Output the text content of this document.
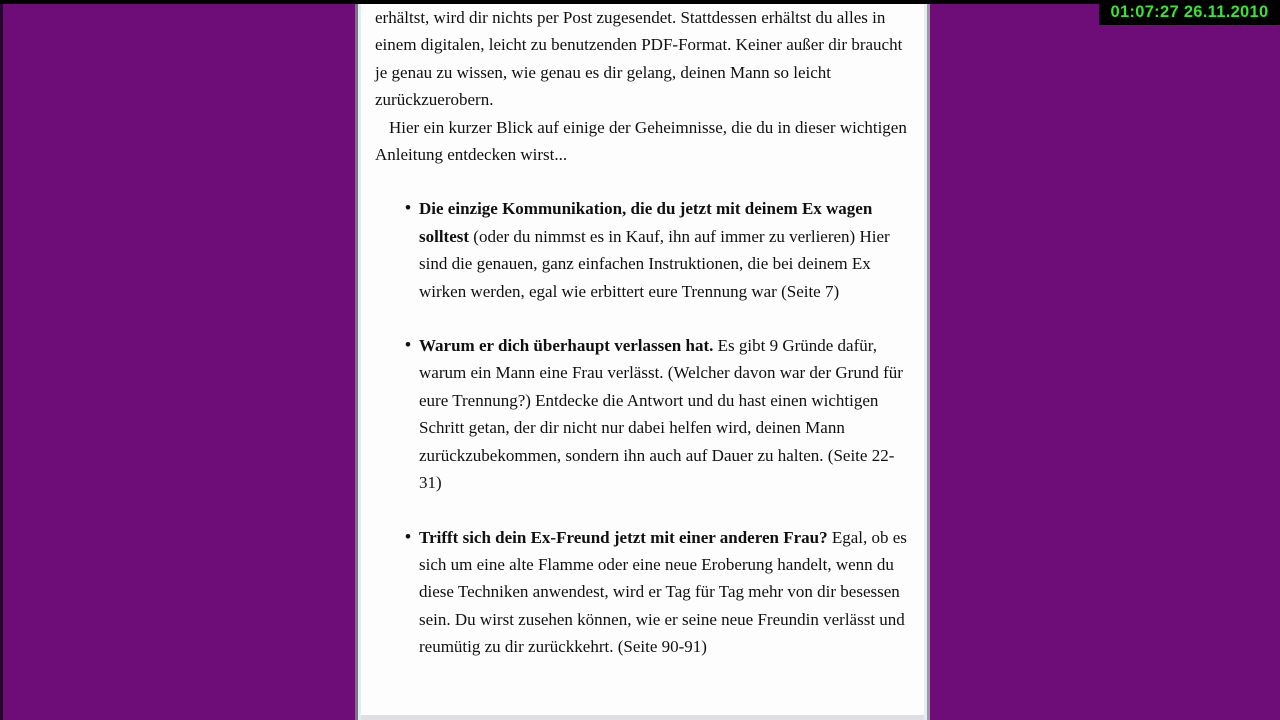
01:07:27 26.11.2010

erhältst, wird dir nichts per Post zugesendet. Stattdessen erhältst du alles in einem digitalen, leicht zu benutzenden PDF-Format. Keiner außer dir braucht je genau zu wissen, wie genau es dir gelang, deinen Mann so leicht zurückzuerobern.

Hier ein kurzer Blick auf einige der Geheimnisse, die du in dieser wichtigen Anleitung entdecken wirst...

• Die einzige Kommunikation, die du jetzt mit deinem Ex wagen solltest (oder du nimmst es in Kauf, ihn auf immer zu verlieren) Hier sind die genauen, ganz einfachen Instruktionen, die bei deinem Ex wirken werden, egal wie erbittert eure Trennung war (Seite 7)
• Warum er dich überhaupt verlassen hat. Es gibt 9 Gründe dafür, warum ein Mann eine Frau verlässt. (Welcher davon war der Grund für eure Trennung?) Entdecke die Antwort und du hast einen wichtigen Schritt getan, der dir nicht nur dabei helfen wird, deinen Mann zurückzubekommen, sondern ihn auch auf Dauer zu halten. (Seite 22-31)
• Trifft sich dein Ex-Freund jetzt mit einer anderen Frau? Egal, ob es sich um eine alte Flamme oder eine neue Eroberung handelt, wenn du diese Techniken anwendest, wird er Tag für Tag mehr von dir besessen sein. Du wirst zusehen können, wie er seine neue Freundin verlässt und reumütig zu dir zurückkehrt. (Seite 90-91)
